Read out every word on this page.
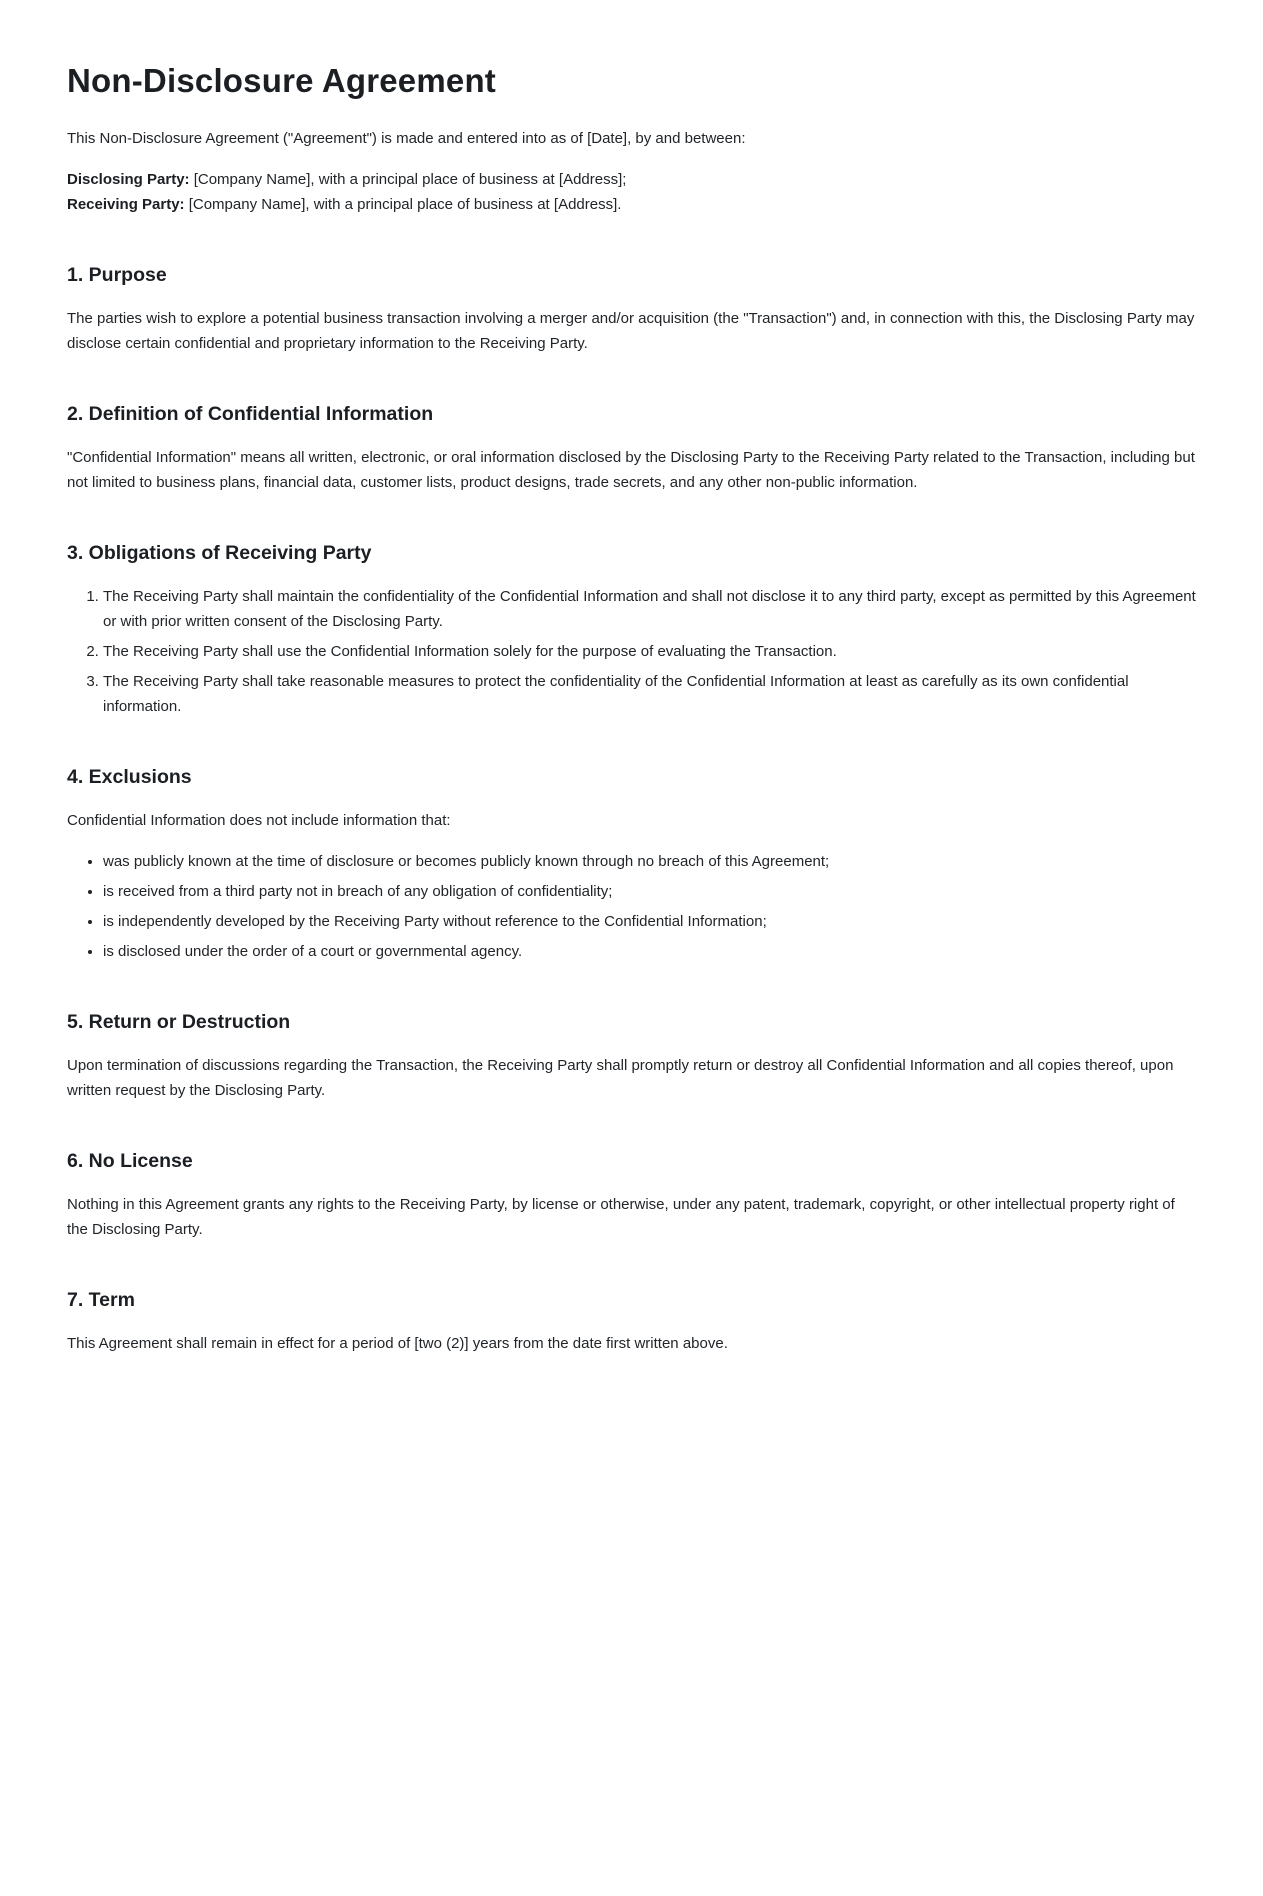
Non-Disclosure Agreement

This Non-Disclosure Agreement ("Agreement") is made and entered into as of [Date], by and between:

Disclosing Party: [Company Name], with a principal place of business at [Address];

Receiving Party: [Company Name], with a principal place of business at [Address].

1. Purpose

The parties wish to explore a potential business transaction involving a merger and/or acquisition (the "Transaction") and, in connection with this, the Disclosing Party may disclose certain confidential and proprietary information to the Receiving Party.

2. Definition of Confidential Information

"Confidential Information" means all written, electronic, or oral information disclosed by the Disclosing Party to the Receiving Party related to the Transaction, including but not limited to business plans, financial data, customer lists, product designs, trade secrets, and any other non-public information.

3. Obligations of Receiving Party
1. The Receiving Party shall maintain the confidentiality of the Confidential Information and shall not disclose it to any third party, except as permitted by this Agreement or with prior written consent of the Disclosing Party.
2. The Receiving Party shall use the Confidential Information solely for the purpose of evaluating the Transaction.
3. The Receiving Party shall take reasonable measures to protect the confidentiality of the Confidential Information at least as carefully as its own confidential information.
4. Exclusions

Confidential Information does not include information that:

• was publicly known at the time of disclosure or becomes publicly known through no breach of this Agreement;
• is received from a third party not in breach of any obligation of confidentiality;
• is independently developed by the Receiving Party without reference to the Confidential Information;
• is disclosed under the order of a court or governmental agency.
5. Return or Destruction

Upon termination of discussions regarding the Transaction, the Receiving Party shall promptly return or destroy all Confidential Information and all copies thereof, upon written request by the Disclosing Party.

6. No License

Nothing in this Agreement grants any rights to the Receiving Party, by license or otherwise, under any patent, trademark, copyright, or other intellectual property right of the Disclosing Party.

7. Term

This Agreement shall remain in effect for a period of [two (2)] years from the date first written above.
